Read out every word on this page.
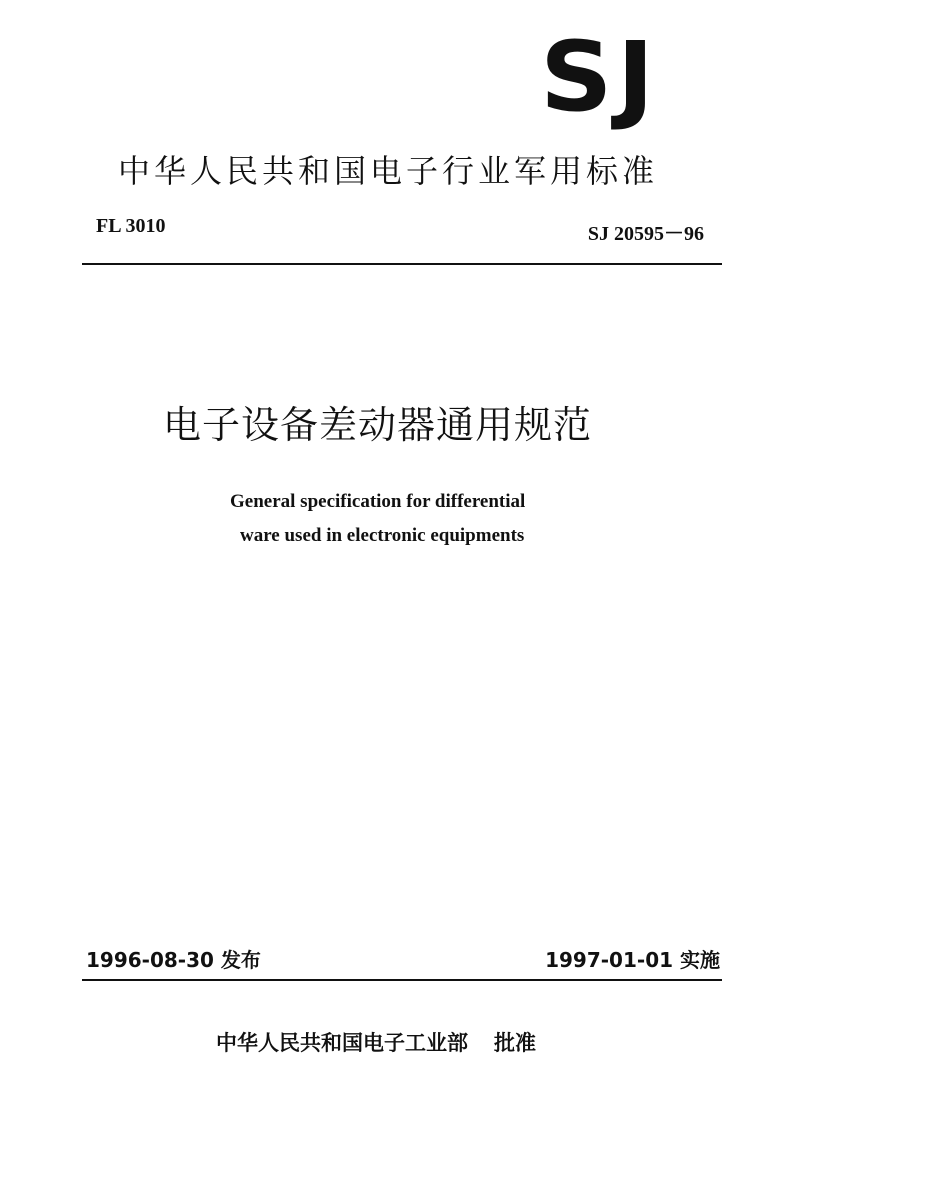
SJ
中华人民共和国电子行业军用标准
FL 3010	SJ 20595－96
电子设备差动器通用规范
General specification for differential
ware used in electronic equipments
1996-08-30 发布	1997-01-01 实施
中华人民共和国电子工业部 批准
